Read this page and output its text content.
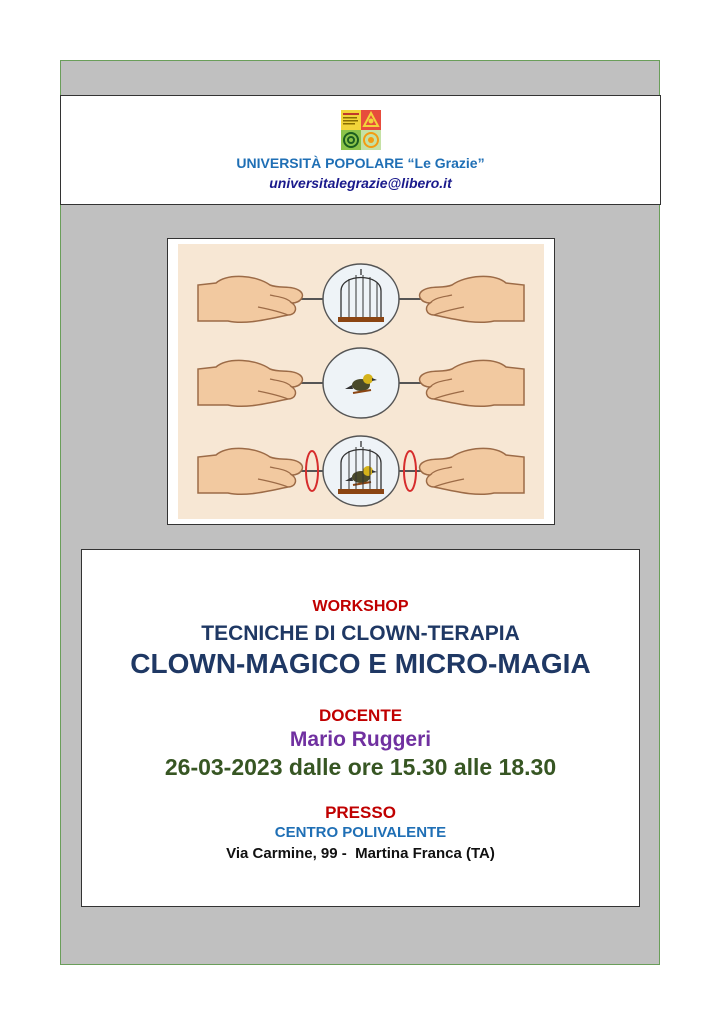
UNIVERSITÀ POPOLARE “Le Grazie”
universitalegrazie@libero.it
WORKSHOP
TECNICHE DI CLOWN-TERAPIA
CLOWN-MAGICO E MICRO-MAGIA
DOCENTE
Mario Ruggeri
26-03-2023 dalle ore 15.30 alle 18.30
PRESSO
CENTRO POLIVALENTE
Via Carmine, 99 -  Martina Franca (TA)
